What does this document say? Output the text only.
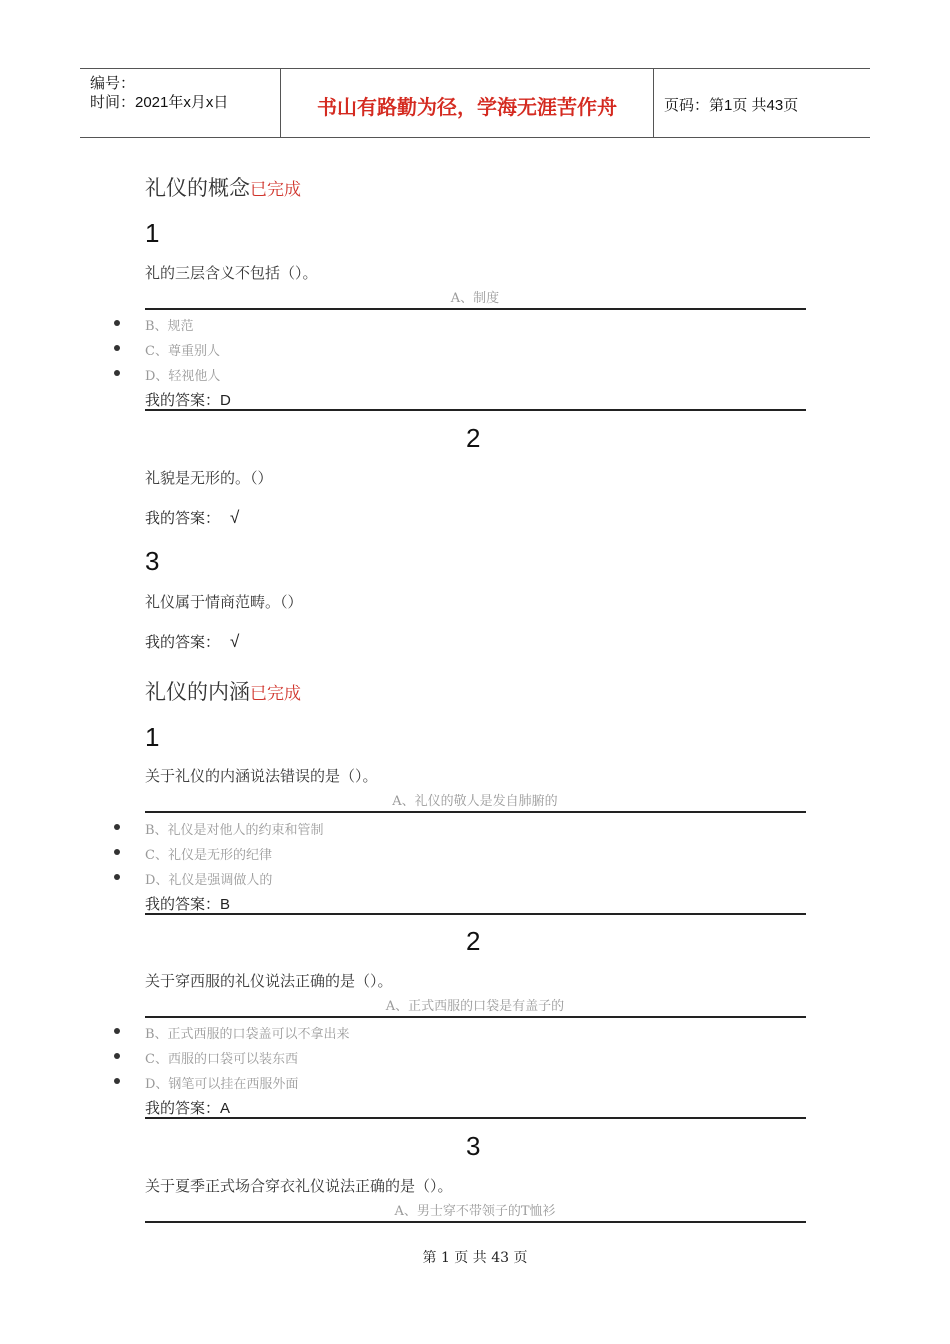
编号：
时间：2021年x月x日	书山有路勤为径，学海无涯苦作舟	页码：第1页 共43页
礼仪的概念已完成
1
礼的三层含义不包括（）。
A、制度
B、规范
C、尊重别人
D、轻视他人
我的答案：D
2
礼貌是无形的。（）
我的答案： √
3
礼仪属于情商范畴。（）
我的答案： √
礼仪的内涵已完成
1
关于礼仪的内涵说法错误的是（）。
A、礼仪的敬人是发自肺腑的
B、礼仪是对他人的约束和管制
C、礼仪是无形的纪律
D、礼仪是强调做人的
我的答案：B
2
关于穿西服的礼仪说法正确的是（）。
A、正式西服的口袋是有盖子的
B、正式西服的口袋盖可以不拿出来
C、西服的口袋可以装东西
D、钢笔可以挂在西服外面
我的答案：A
3
关于夏季正式场合穿衣礼仪说法正确的是（）。
A、男士穿不带领子的T恤衫
第 1 页 共 43 页
